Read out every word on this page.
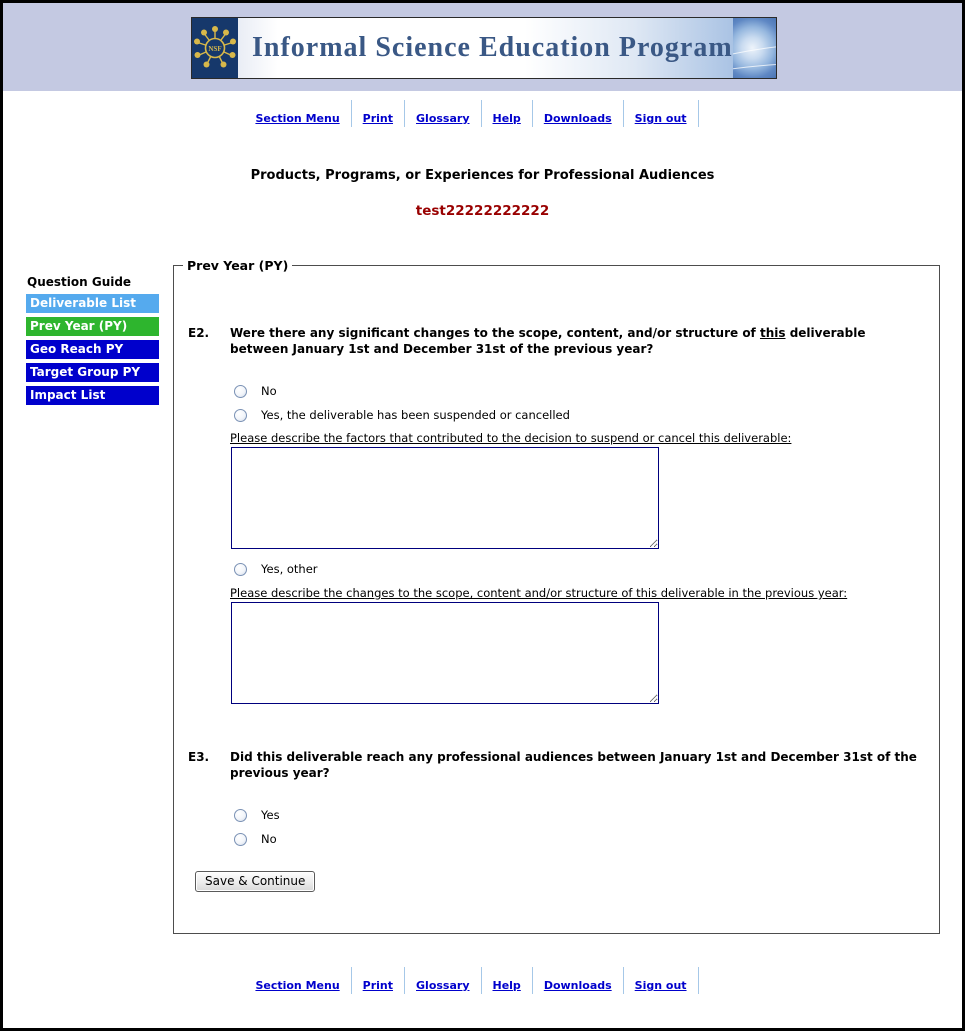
NSF Informal Science Education Program
Section Menu Print Glossary Help Downloads Sign out
Products, Programs, or Experiences for Professional Audiences
test22222222222
Question Guide
Deliverable List
Prev Year (PY)
Geo Reach PY
Target Group PY
Impact List
Prev Year (PY)
E2.	Were there any significant changes to the scope, content, and/or structure of this deliverable between January 1st and December 31st of the previous year?
No
Yes, the deliverable has been suspended or cancelled
Please describe the factors that contributed to the decision to suspend or cancel this deliverable:
Yes, other
Please describe the changes to the scope, content and/or structure of this deliverable in the previous year:
E3.	Did this deliverable reach any professional audiences between January 1st and December 31st of the previous year?
Yes
No
Save & Continue
Section Menu Print Glossary Help Downloads Sign out
